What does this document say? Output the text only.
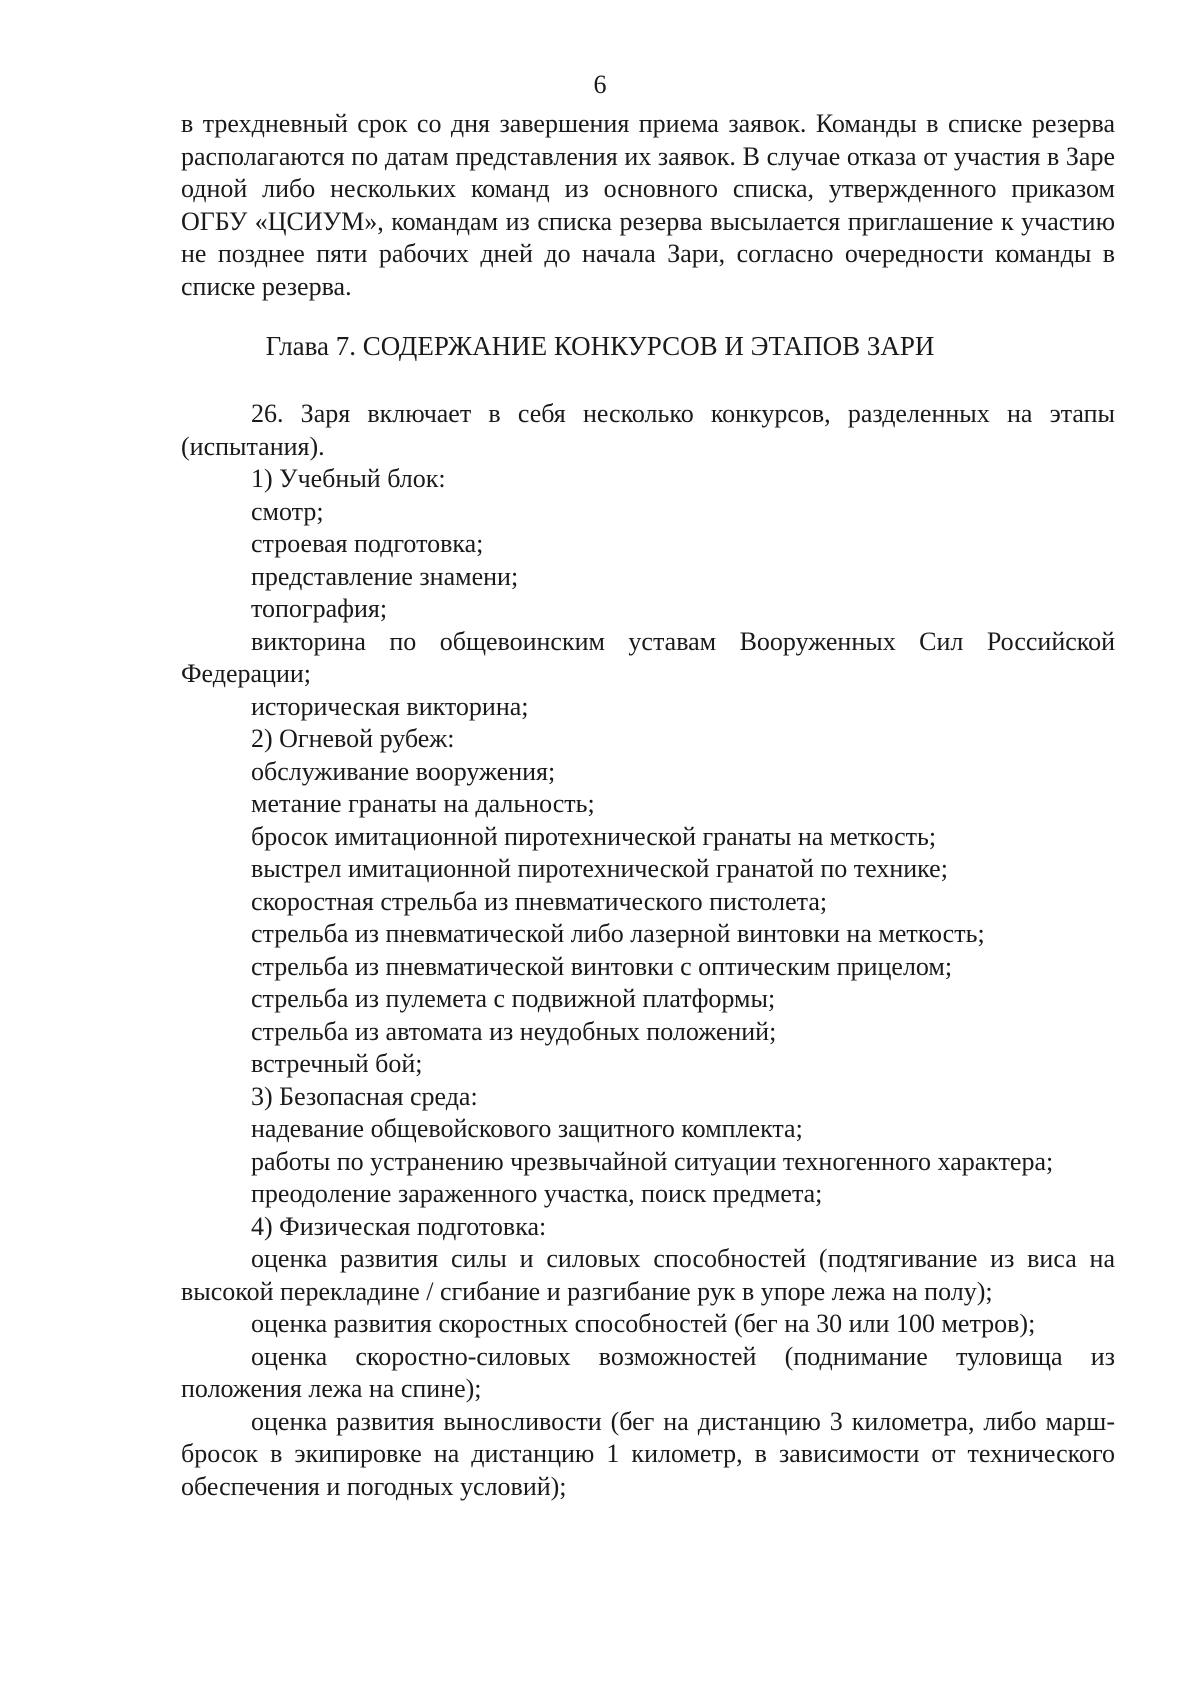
6

в трехдневный срок со дня завершения приема заявок. Команды в списке резерва располагаются по датам представления их заявок. В случае отказа от участия в Заре одной либо нескольких команд из основного списка, утвержденного приказом ОГБУ «ЦСИУМ», командам из списка резерва высылается приглашение к участию не позднее пяти рабочих дней до начала Зари, согласно очередности команды в списке резерва.

Глава 7. СОДЕРЖАНИЕ КОНКУРСОВ И ЭТАПОВ ЗАРИ

26. Заря включает в себя несколько конкурсов, разделенных на этапы (испытания).

1) Учебный блок:

смотр;

строевая подготовка;

представление знамени;

топография;

викторина по общевоинским уставам Вооруженных Сил Российской Федерации;

историческая викторина;

2) Огневой рубеж:

обслуживание вооружения;

метание гранаты на дальность;

бросок имитационной пиротехнической гранаты на меткость;

выстрел имитационной пиротехнической гранатой по технике;

скоростная стрельба из пневматического пистолета;

стрельба из пневматической либо лазерной винтовки на меткость;

стрельба из пневматической винтовки с оптическим прицелом;

стрельба из пулемета с подвижной платформы;

стрельба из автомата из неудобных положений;

встречный бой;

3) Безопасная среда:

надевание общевойскового защитного комплекта;

работы по устранению чрезвычайной ситуации техногенного характера;

преодоление зараженного участка, поиск предмета;

4) Физическая подготовка:

оценка развития силы и силовых способностей (подтягивание из виса на высокой перекладине / сгибание и разгибание рук в упоре лежа на полу);

оценка развития скоростных способностей (бег на 30 или 100 метров);

оценка скоростно-силовых возможностей (поднимание туловища из положения лежа на спине);

оценка развития выносливости (бег на дистанцию 3 километра, либо марш-бросок в экипировке на дистанцию 1 километр, в зависимости от технического обеспечения и погодных условий);
